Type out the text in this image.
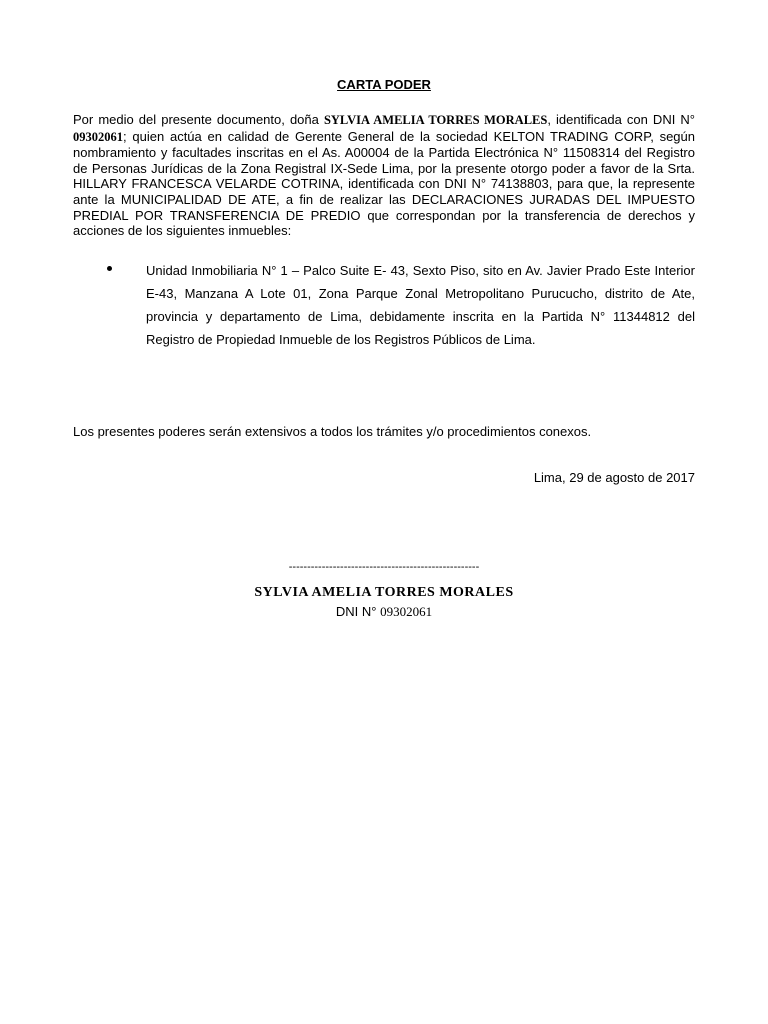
CARTA PODER
Por medio del presente documento, doña SYLVIA AMELIA TORRES MORALES, identificada con DNI N° 09302061; quien actúa en calidad de Gerente General de la sociedad KELTON TRADING CORP, según nombramiento y facultades inscritas en el As. A00004 de la Partida Electrónica N° 11508314 del Registro de Personas Jurídicas de la Zona Registral IX-Sede Lima, por la presente otorgo poder a favor de la Srta. HILLARY FRANCESCA VELARDE COTRINA, identificada con DNI N° 74138803, para que, la represente ante la MUNICIPALIDAD DE ATE, a fin de realizar las DECLARACIONES JURADAS DEL IMPUESTO PREDIAL POR TRANSFERENCIA DE PREDIO que correspondan por la transferencia de derechos y acciones de los siguientes inmuebles:
Unidad Inmobiliaria N° 1 – Palco Suite E- 43, Sexto Piso, sito en Av. Javier Prado Este Interior E-43, Manzana A Lote 01, Zona Parque Zonal Metropolitano Purucucho, distrito de Ate, provincia y departamento de Lima, debidamente inscrita en la Partida N° 11344812 del Registro de Propiedad Inmueble de los Registros Públicos de Lima.
Los presentes poderes serán extensivos a todos los trámites y/o procedimientos conexos.
Lima, 29 de agosto de 2017
----------------------------------------------------
SYLVIA AMELIA TORRES MORALES
DNI N° 09302061
